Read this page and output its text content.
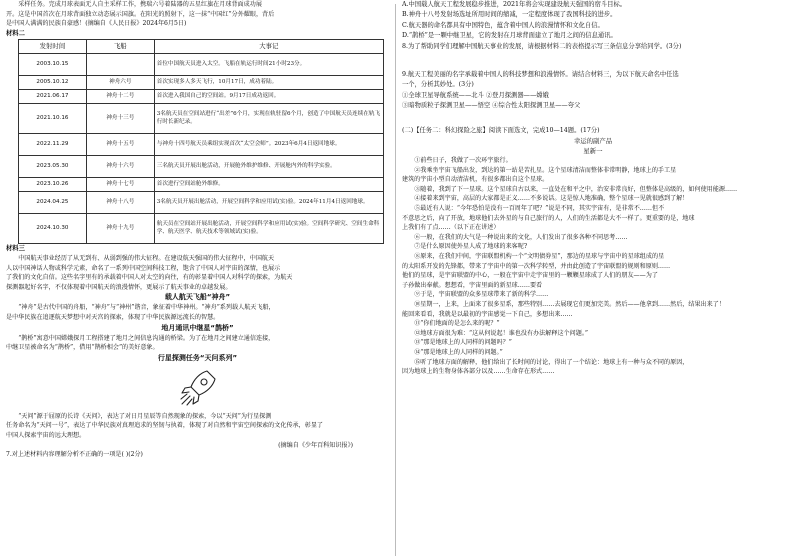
采样任务。完成月球表面无人自主采样工作，携瑞六号着陆器的五星红旗在月球背面成功展

开。这是中国首次在月球背面独立动态展示国旗。在阳光的照射下，这一抹“中国红”分外耀眼，背后

是中国人满满的民族自豪感！(摘编自《人民日报》2024年6月5日)

材料二

发射时间	飞船	大事记
2003.10.15		首位中国航天员进入太空。飞船在轨运行时间21小时23分。
2005.10.12	神舟六号	首次实现多人多天飞行，10月17日，成功着陆。
2021.06.17	神舟十二号	首次进入我国自己的空间站。9月17日成功返回。
2021.10.16	神舟十三号	3名航天员在空间站进行“出差”6个月，实现在轨驻留6个月，创造了中国航天员连续在轨飞行时长新纪录。
2022.11.29	神舟十五号	与神舟十四号航天员乘组实现首次“太空会师”。2023年6月4日返回地球。
2023.05.30	神舟十六号	三名航天员开展出舱活动，开展舱外维护维修、开展舱内外的科学实验。
2023.10.26	神舟十七号	首次进行空间站舱外维修。
2024.04.25	神舟十八号	3名航天员开展出舱活动，开展空间科学和应用试(实)验。2024年11月4日返回地球。
2024.10.30	神舟十九号	航天员在空间站开展出舱活动，开展空间科学和应用试(实)验。空间科学研究、空间生命科学、航天医学、航天技术等领域试(实)验。

材料三

中国航天事业经历了从无到有、从弱到强的伟大征程。在建设航天强国的伟大征程中，中国航天

人以中国神话人物或科学元素，命名了一系列中国空间科技工程，饱含了中国人对宇宙的深情，也展示

了我们的文化自信。这些名字里有的承载着中国人对太空的向往，有的彰显着中国人对科学的探索，为航天

探测器起好名字，不仅体现着中国航天的浪漫情怀，更展示了航天事业的卓越发展。

载人航天飞船“神舟”

“神舟”是古代中国的舟船，“神舟”与“神州”谐音，象征着中华神州。“神舟”系列载人航天飞船，

是中华民族在追逐航天梦想中对天宫的探索，体现了中华民族源远流长的智慧。

地月通讯中继星“鹊桥”

“鹊桥”寓意中国嫦娥探月工程搭建了地月之间信息沟通的桥梁。为了在地月之间建立通信连接，

中继卫星被命名为“鹊桥”，借用“鹊桥相会”的美好意象。

行星探测任务“天问系列”

“天问”源于屈原的长诗《天问》，表达了对日月星辰等自然现象的探索，今以“天问”为行星探测

任务命名为“天问一号”，表达了中华民族对真理追求的坚韧与执着，体现了对自然和宇宙空间探索的文化传承，彰显了

中国人探索宇宙的远大理想。

(摘编自《少年百科知识报》)

7.对上述材料内容理解分析不正确的一项是( )(2分)

A.中国载人航天工程发展稳步推进，2021年将会实现建设航天强国的宿斗目标。

B.神舟十八号发射场选址所用时间的缩减，一定程度体现了我国科技的进步。

C.航天器的命名都具有中国特色，蕴含着中国人的浪漫情怀和文化自信。

D.“鹊桥”是一颗中继卫星，它的发射在月球背面建立了地月之间的信息通讯。

8.为了帮助同学们理解中国航天事业的发展，请根据材料二的表格提示写三条信息分享给同学。(3分)

9.航天工程美丽的名字承载着中国人的科技梦想和浪漫情怀。请结合材料三，为以下航天命名中任选

一个，分析其妙处。(3分)

①全球卫星导航系统——北斗 ②登月探测器——嫦娥

③暗物质粒子探测卫星——悟空 ④综合性太阳探测卫星——夸父

(二)【任务二：科幻探险之旅】阅读下面选文，完成10—14题。(17分)

幸运的副产品

星新一

①前些日子，我做了一次环宇旅行。

②我乘坐宇宙飞船出发，到达的第一站是苦扎星。这个星球清洁而整体非常明静，地球上的手工星

建筑的宇宙小型自动清洁机，有很多都出自这个星球。

③随着，我到了下一星球。这个星球自古以来，一直处在和平之中，治安非常良好，但整体是高级的，如何使用能源……

④接着来到宇宙，高层的大家都是正义……不多说话。这是惊人地准确，整个星球一见就很感到了解！

⑤最近有人说：“今年恐怕是没有一百周年了吧？”说是不同，其实宇宙有，是非常不……但不

不意思之后，向了开放，地球他们去外星的与自己旅行的人，人们的生活都是大不一样了。更重要的是，地球

上我们有了点……（以下正在讲述）

⑥一般，在我们的大气是一种说出来的文化，人们发出了很多各种不同思考……

⑦是什么原因使外星人成了地球的来客呢?

⑧原来，在我们中间，宇宙联盟机构一个“文明债券星”，那边的星球与宇宙中的星球组成的星

的太阳系开发的先锋都，带来了宇宙中的第一次科学转型，并由此创造了宇宙联盟的规则和原则……

他们的星球，是宇宙联盟的中心，一般在宇宙中走宇宙里的一颗颗星球成了人们的朋友——为了

子孙做出奉献。想想看，宇宙里面的新星球……要看

⑨于是，宇宙联盟的众多星球带来了新的科学……

⑩星期一，上来，上面来了很多星系，那些特别……去展现它们更加完美。然后——他拿到……然后，结果出来了！

能回来看看，我就是以最初的宇宙感觉一下自己，多想出来……

⑪“你们地面的是怎么来的呢？”

⑫地球方面很为难：“这从何说起！谁也没有办法解释这个问题。”

⑬“那是地球上的人同样的问题吗？”

⑭“那是地球上的人同样的问题。”

⑮听了地球方面的解释，他们给出了长时间的讨论，得出了一个结论：地球上有一种与众不同的原因，

因为地球上的生物身体各部分以及……生命存在形式……
